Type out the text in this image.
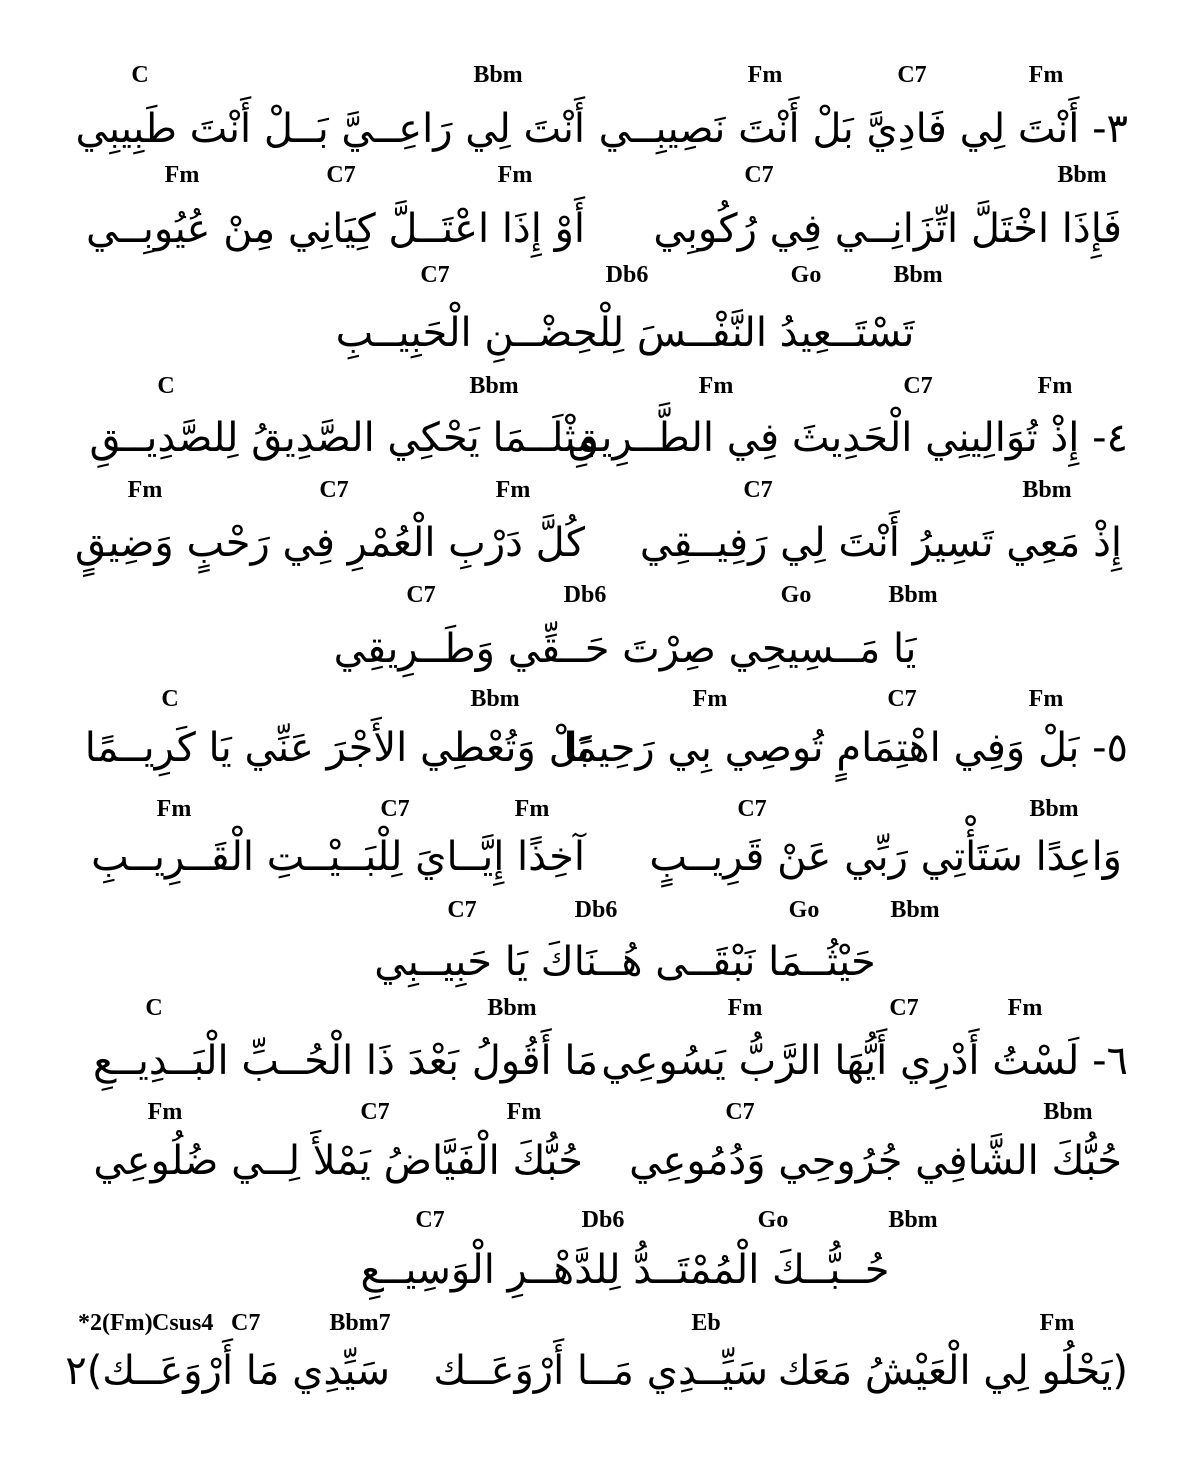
C	Bbm	Fm	C7	Fm
٣- أَنْتَ لِي فَادِيَّ بَلْ أَنْتَ نَصِيبِــي
أَنْتَ لِي رَاعِــيَّ بَــلْ أَنْتَ طَبِيبِي
Fm	C7	Fm	C7	Bbm
فَإِذَا اخْتَلَّ اتِّزَانِــي فِي رُكُوبِي
أَوْ إِذَا اعْتَــلَّ كِيَانِي مِنْ عُيُوبِــي
C7	Db6	Go	Bbm
تَسْتَــعِيدُ النَّفْــسَ لِلْحِضْــنِ الْحَبِيــبِ
C	Bbm	Fm	C7	Fm
٤- إِذْ تُوَالِينِي الْحَدِيثَ فِي الطَّــرِيقِ
مِثْلَــمَا يَحْكِي الصَّدِيقُ لِلصَّدِيــقِ
Fm	C7	Fm	C7	Bbm
إِذْ مَعِي تَسِيرُ أَنْتَ لِي رَفِيــقِي
كُلَّ دَرْبِ الْعُمْرِ فِي رَحْبٍ وَضِيقٍ
C7	Db6	Go	Bbm
يَا مَــسِيحِي صِرْتَ حَــقِّي وَطَــرِيقِي
C	Bbm	Fm	C7	Fm
٥- بَلْ وَفِي اهْتِمَامٍ تُوصِي بِي رَحِيمًا
بَلْ وَتُعْطِي الأَجْرَ عَنِّي يَا كَرِيــمًا
Fm	C7	Fm	C7	Bbm
وَاعِدًا سَتَأْتِي رَبِّي عَنْ قَرِيــبٍ
آخِذًا إِيَّــايَ لِلْبَــيْــتِ الْقَــرِيــبِ
C7	Db6	Go	Bbm
حَيْثُــمَا نَبْقَــى هُــنَاكَ يَا حَبِيــبِي
C	Bbm	Fm	C7	Fm
٦- لَسْتُ أَدْرِي أَيُّهَا الرَّبُّ يَسُوعِي
مَا أَقُولُ بَعْدَ ذَا الْحُــبِّ الْبَــدِيــعِ
Fm	C7	Fm	C7	Bbm
حُبُّكَ الشَّافِي جُرُوحِي وَدُمُوعِي
حُبُّكَ الْفَيَّاضُ يَمْلأَ لِــي ضُلُوعِي
C7	Db6	Go	Bbm
حُــبُّــكَ الْمُمْتَــدُّ لِلدَّهْــرِ الْوَسِيــعِ
*2(Fm) Csus4 C7	Bbm7	Eb	Fm
(يَحْلُو لِي الْعَيْشُ مَعَك
سَيِّــدِي مَــا أَرْوَعَــك
سَيِّدِي مَا أَرْوَعَــك)٢
